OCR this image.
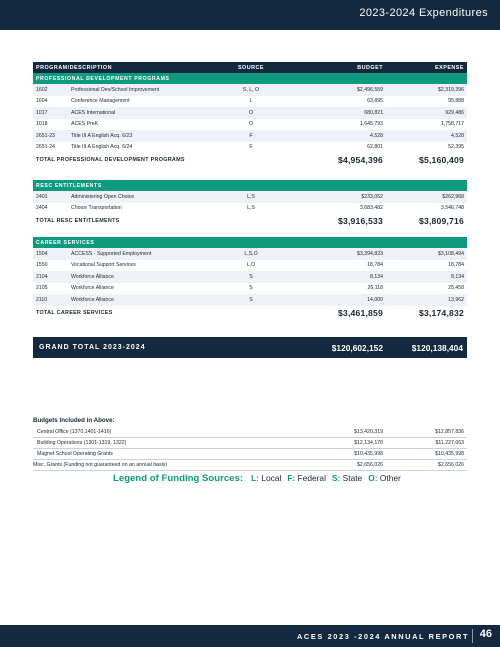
2023-2024 Expenditures
PROGRAM/DESCRIPTION	SOURCE	BUDGET	EXPENSE
PROFESSIONAL DEVELOPMENT PROGRAMS
1602	Professional Dev/School Improvement	S, L, O	$2,496,559	$2,319,396
1604	Conference Management	L	63,895	95,888
1017	ACES International	O	680,821	929,486
1018	ACES PreK	O	1,645,793	1,758,717
2651-23	Title III A English Acq. 6/23	F	4,528	4,528
2651-24	Title III A English Acq. 6/24	F	62,801	52,395
TOTAL PROFESSIONAL DEVELOPMENT PROGRAMS	$4,954,396	$5,160,409
RESC ENTITLEMENTS
2401	Administering Open Choice	L,S	$233,052	$262,968
2404	Choice Transportation	L,S	3,683,482	3,546,748
TOTAL RESC ENTITLEMENTS	$3,916,533	$3,809,716
CAREER SERVICES
1504	ACCESS - Supported Employment	L,S,O	$3,394,823	$3,108,494
1550	Vocational Support Services	L,O	18,784	18,784
2104	Workforce Alliance	S	8,134	8,134
2105	Workforce Alliance	S	26,118	25,458
2110	Workforce Alliance	S	14,000	13,962
TOTAL CAREER SERVICES	$3,461,859	$3,174,832
GRAND TOTAL 2023-2024	$120,602,152	$120,138,404
Budgets Included in Above:
Central Office (1370,1401-1416)	$13,420,319	$12,857,836
Building Operations (1301-1319, 1322)	$12,134,170	$11,227,063
Magnet School Operating Grants	$10,435,998	$10,435,998
Misc. Grants (Funding not guaranteed on an annual basis)	$2,656,026	$2,656,026
Legend of Funding Sources: L: Local F: Federal S: State O: Other
ACES 2023 -2024 ANNUAL REPORT 46
